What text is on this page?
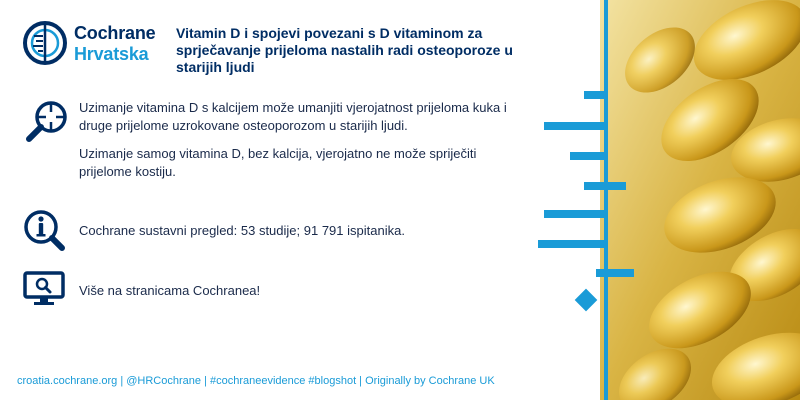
Cochrane
Hrvatska
Vitamin D i spojevi povezani s D vitaminom za sprječavanje prijeloma nastalih radi osteoporoze u starijih ljudi
Uzimanje vitamina D s kalcijem može umanjiti vjerojatnost prijeloma kuka i druge prijelome uzrokovane osteoporozom u starijih ljudi.
Uzimanje samog vitamina D, bez kalcija, vjerojatno ne može spriječiti prijelome kostiju.
Cochrane sustavni pregled: 53 studije; 91 791 ispitanika.
Više na stranicama Cochranea!
croatia.cochrane.org | @HRCochrane | #cochraneevidence #blogshot | Originally by Cochrane UK
